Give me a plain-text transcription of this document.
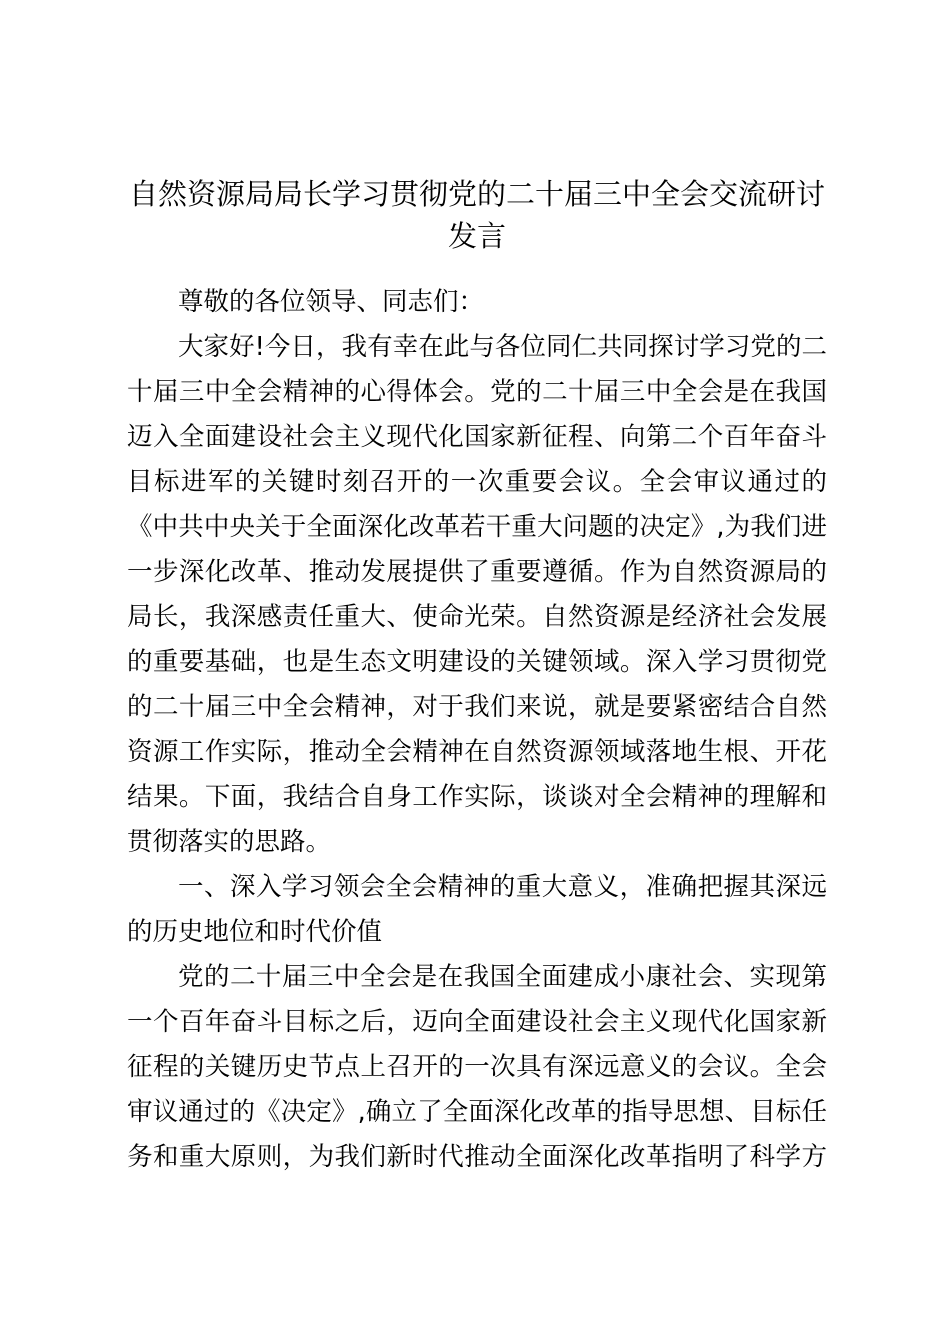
自然资源局局长学习贯彻党的二十届三中全会交流研讨
发言

尊敬的各位领导、同志们：

大家好!今日，我有幸在此与各位同仁共同探讨学习党的二
十届三中全会精神的心得体会。党的二十届三中全会是在我国
迈入全面建设社会主义现代化国家新征程、向第二个百年奋斗
目标进军的关键时刻召开的一次重要会议。全会审议通过的
《中共中央关于全面深化改革若干重大问题的决定》,为我们进
一步深化改革、推动发展提供了重要遵循。作为自然资源局的
局长，我深感责任重大、使命光荣。自然资源是经济社会发展
的重要基础，也是生态文明建设的关键领域。深入学习贯彻党
的二十届三中全会精神，对于我们来说，就是要紧密结合自然
资源工作实际，推动全会精神在自然资源领域落地生根、开花
结果。下面，我结合自身工作实际，谈谈对全会精神的理解和
贯彻落实的思路。
一、深入学习领会全会精神的重大意义，准确把握其深远
的历史地位和时代价值
党的二十届三中全会是在我国全面建成小康社会、实现第
一个百年奋斗目标之后，迈向全面建设社会主义现代化国家新
征程的关键历史节点上召开的一次具有深远意义的会议。全会
审议通过的《决定》,确立了全面深化改革的指导思想、目标任
务和重大原则，为我们新时代推动全面深化改革指明了科学方
